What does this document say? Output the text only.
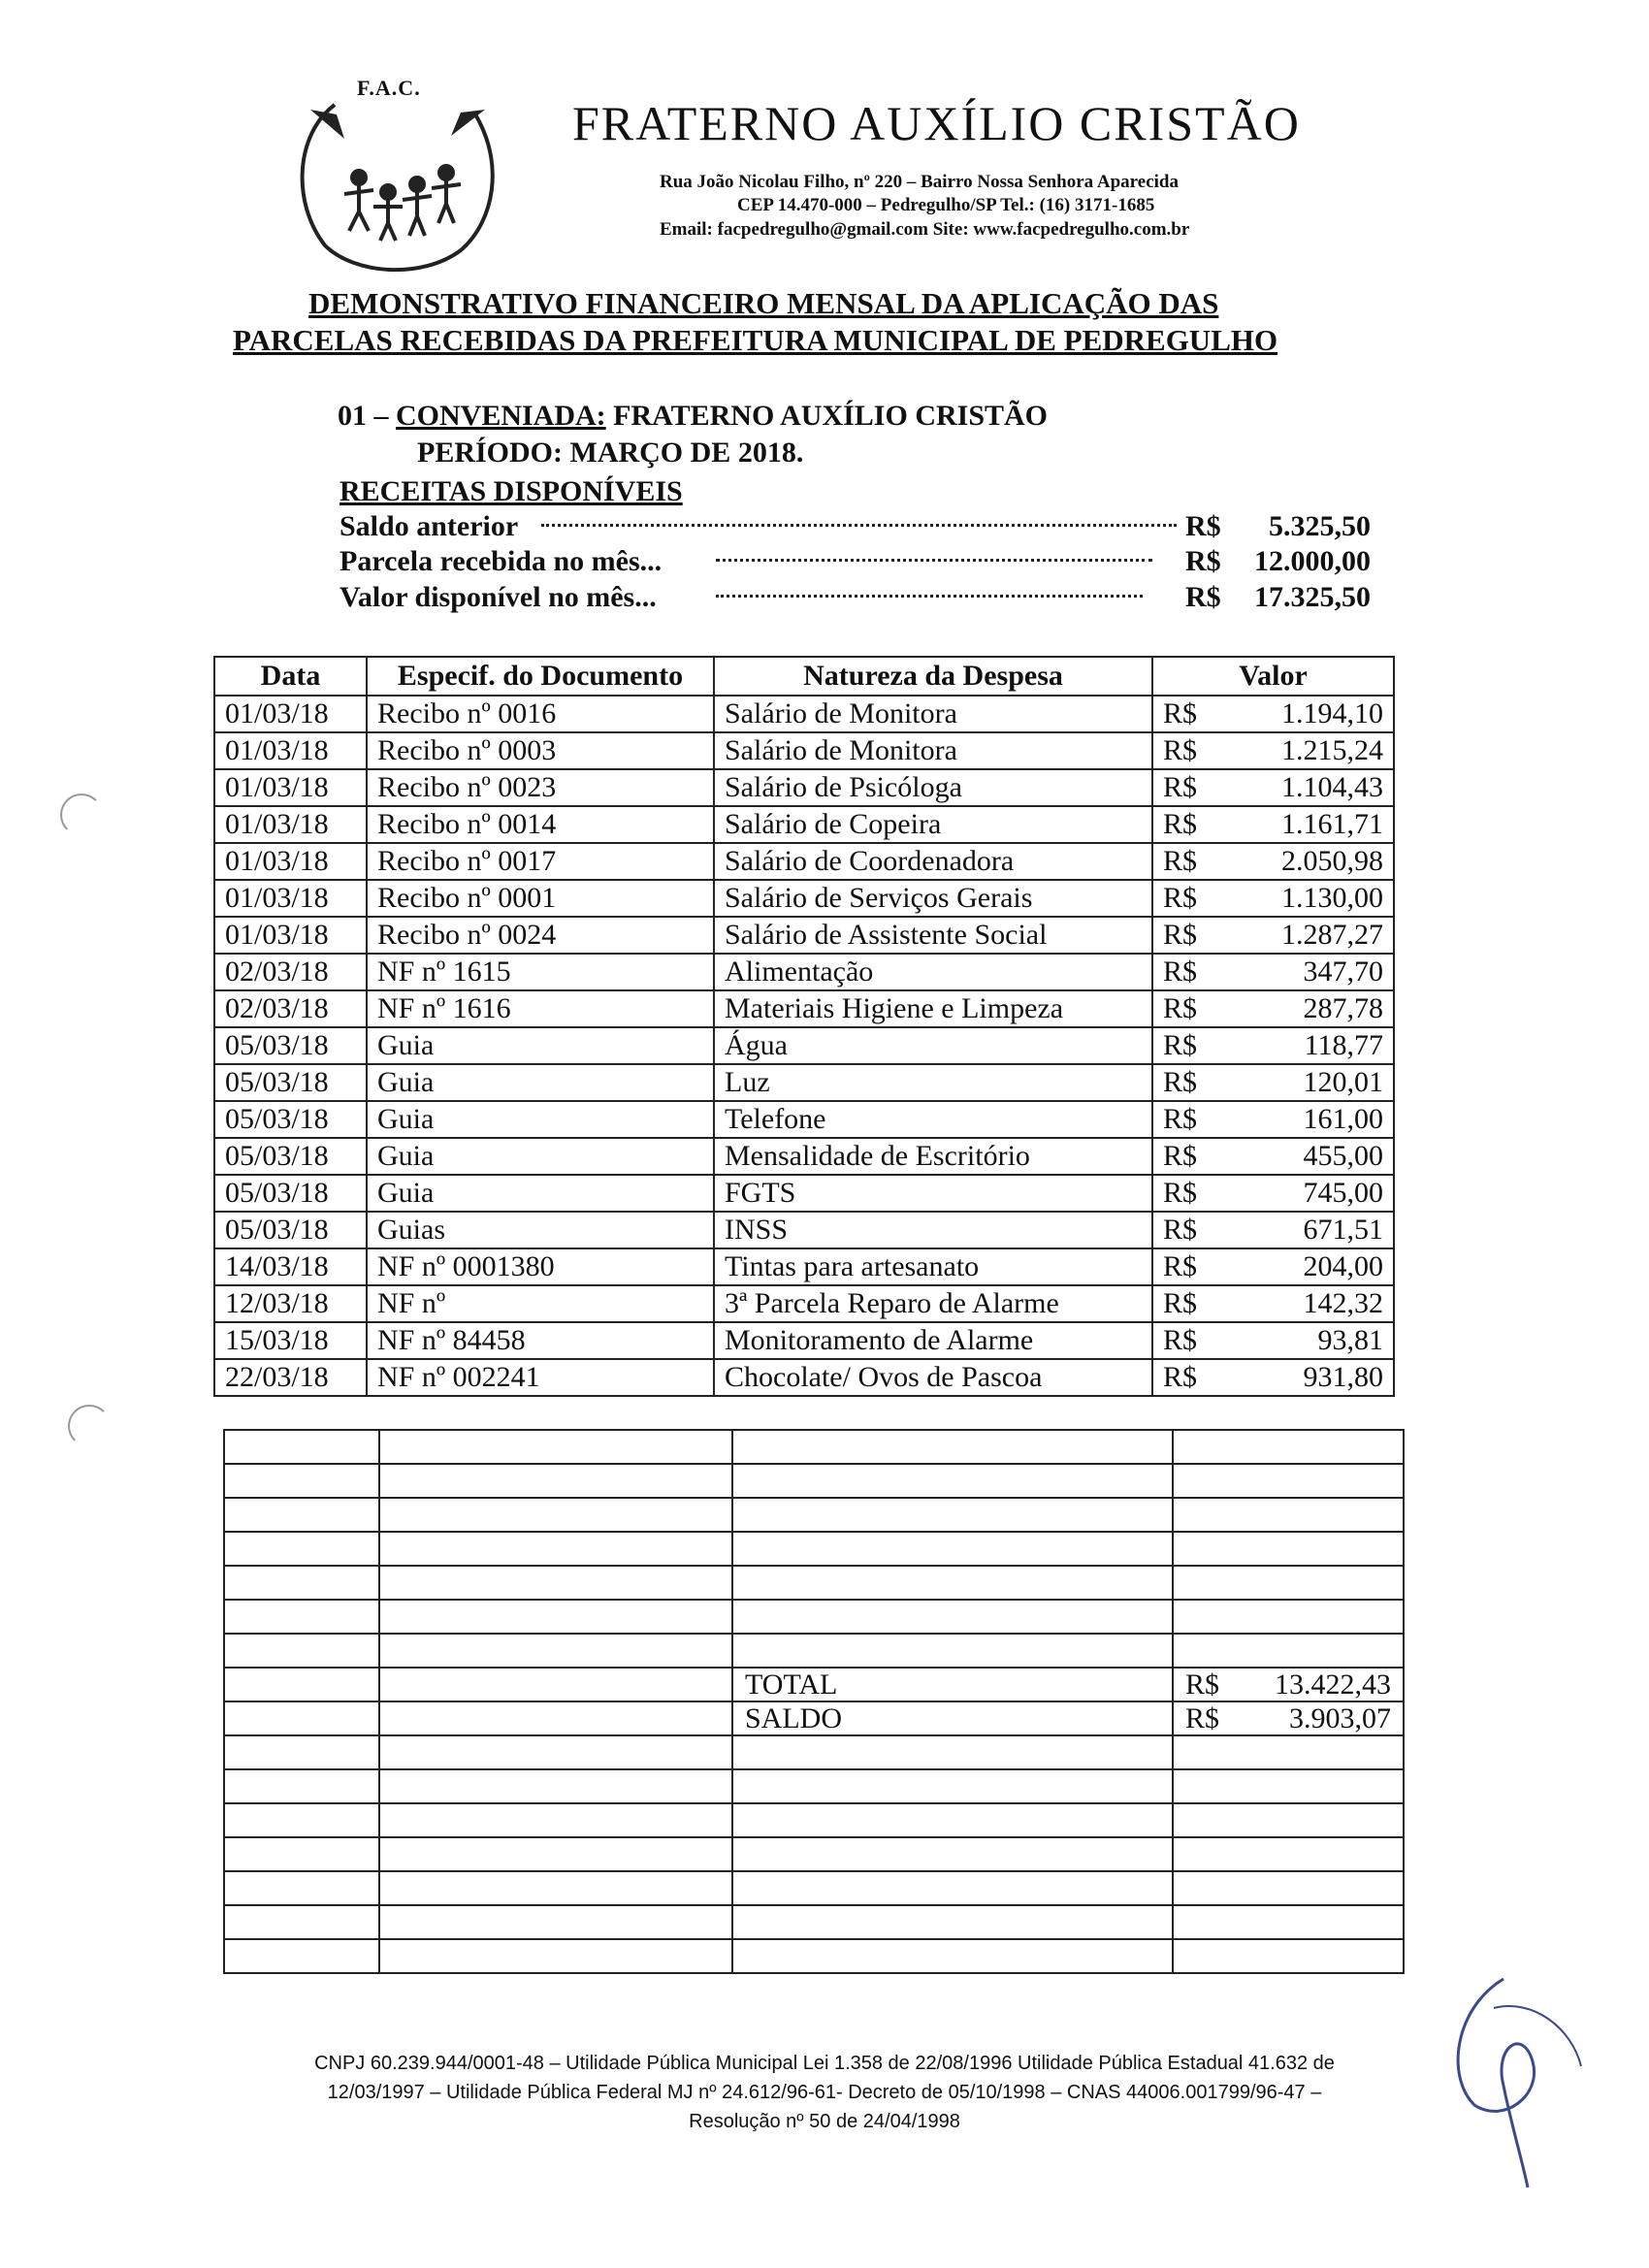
F.A.C.
FRATERNO AUXÍLIO CRISTÃO
Rua João Nicolau Filho, nº 220 – Bairro Nossa Senhora Aparecida
CEP 14.470-000 – Pedregulho/SP Tel.: (16) 3171-1685
Email: facpedregulho@gmail.com Site: www.facpedregulho.com.br
DEMONSTRATIVO FINANCEIRO MENSAL DA APLICAÇÃO DAS
PARCELAS RECEBIDAS DA PREFEITURA MUNICIPAL DE PEDREGULHO
01 – CONVENIADA: FRATERNO AUXÍLIO CRISTÃO
PERÍODO: MARÇO DE 2018.
RECEITAS DISPONÍVEIS
Saldo anterior	R$ 5.325,50
Parcela recebida no mês...	R$ 12.000,00
Valor disponível no mês...	R$ 17.325,50
Data	Especif. do Documento	Natureza da Despesa	Valor
01/03/18	Recibo nº 0016	Salário de Monitora	R$ 1.194,10

01/03/18	Recibo nº 0003	Salário de Monitora	R$ 1.215,24

01/03/18	Recibo nº 0023	Salário de Psicóloga	R$ 1.104,43

01/03/18	Recibo nº 0014	Salário de Copeira	R$ 1.161,71

01/03/18	Recibo nº 0017	Salário de Coordenadora	R$ 2.050,98

01/03/18	Recibo nº 0001	Salário de Serviços Gerais	R$ 1.130,00

01/03/18	Recibo nº 0024	Salário de Assistente Social	R$ 1.287,27

02/03/18	NF nº 1615	Alimentação	R$ 347,70

02/03/18	NF nº 1616	Materiais Higiene e Limpeza	R$ 287,78

05/03/18	Guia	Água	R$ 118,77

05/03/18	Guia	Luz	R$ 120,01

05/03/18	Guia	Telefone	R$ 161,00

05/03/18	Guia	Mensalidade de Escritório	R$ 455,00

05/03/18	Guia	FGTS	R$ 745,00

05/03/18	Guias	INSS	R$ 671,51

14/03/18	NF nº 0001380	Tintas para artesanato	R$ 204,00

12/03/18	NF nº	3ª Parcela Reparo de Alarme	R$ 142,32

15/03/18	NF nº 84458	Monitoramento de Alarme	R$ 93,81

22/03/18	NF nº 002241	Chocolate/ Ovos de Pascoa	R$ 931,80

		TOTAL	R$ 13.422,43

		SALDO	R$ 3.903,07

CNPJ 60.239.944/0001-48 – Utilidade Pública Municipal Lei 1.358 de 22/08/1996 Utilidade Pública Estadual 41.632 de
12/03/1997 – Utilidade Pública Federal MJ nº 24.612/96-61- Decreto de 05/10/1998 – CNAS 44006.001799/96-47 –
Resolução nº 50 de 24/04/1998
